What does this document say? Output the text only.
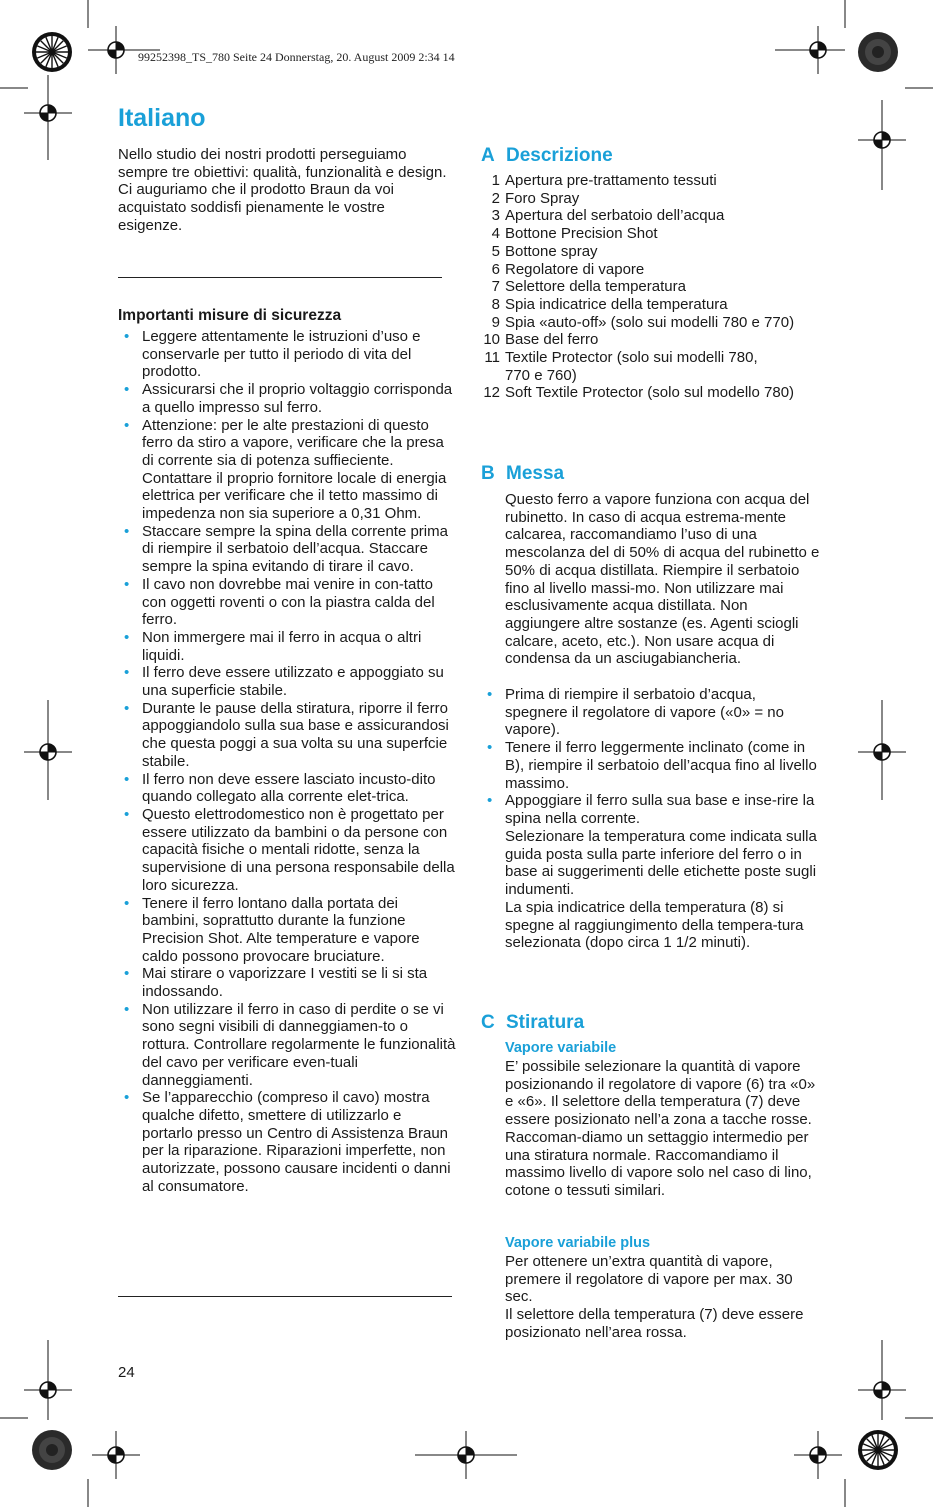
99252398_TS_780 Seite 24 Donnerstag, 20. August 2009 2:34 14
Italiano

Nello studio dei nostri prodotti perseguiamo sempre tre obiettivi: qualità, funzionalità e design. Ci auguriamo che il prodotto Braun da voi acquistato soddisfi pienamente le vostre esigenze.

Importanti misure di sicurezza
• Leggere attentamente le istruzioni d’uso e conservarle per tutto il periodo di vita del prodotto.
• Assicurarsi che il proprio voltaggio corrisponda a quello impresso sul ferro.
• Attenzione: per le alte prestazioni di questo ferro da stiro a vapore, verificare che la presa di corrente sia di potenza suffieciente. Contattare il proprio fornitore locale di energia elettrica per verificare che il tetto massimo di impedenza non sia superiore a 0,31 Ohm.
• Staccare sempre la spina della corrente prima di riempire il serbatoio dell’acqua. Staccare sempre la spina evitando di tirare il cavo.
• Il cavo non dovrebbe mai venire in con-tatto con oggetti roventi o con la piastra calda del ferro.
• Non immergere mai il ferro in acqua o altri liquidi.
• Il ferro deve essere utilizzato e appoggiato su una superficie stabile.
• Durante le pause della stiratura, riporre il ferro appoggiandolo sulla sua base e assicurandosi che questa poggi a sua volta su una superfcie stabile.
• Il ferro non deve essere lasciato incusto-dito quando collegato alla corrente elet-trica.
• Questo elettrodomestico non è progettato per essere utilizzato da bambini o da persone con capacità fisiche o mentali ridotte, senza la supervisione di una persona responsabile della loro sicurezza.
• Tenere il ferro lontano dalla portata dei bambini, soprattutto durante la funzione Precision Shot. Alte temperature e vapore caldo possono provocare bruciature.
• Mai stirare o vaporizzare I vestiti se li si sta indossando.
• Non utilizzare il ferro in caso di perdite o se vi sono segni visibili di danneggiamen-to o rottura. Controllare regolarmente le funzionalità del cavo per verificare even-tuali danneggiamenti.
• Se l’apparecchio (compreso il cavo) mostra qualche difetto, smettere di utilizzarlo e portarlo presso un Centro di Assistenza Braun per la riparazione. Riparazioni imperfette, non autorizzate, possono causare incidenti o danni al consumatore.
A Descrizione
1 Apertura pre-trattamento tessuti
2 Foro Spray
3 Apertura del serbatoio dell’acqua
4 Bottone Precision Shot
5 Bottone spray
6 Regolatore di vapore
7 Selettore della temperatura
8 Spia indicatrice della temperatura
9 Spia «auto-off» (solo sui modelli 780 e 770)
10 Base del ferro
11 Textile Protector (solo sui modelli 780, 770 e 760)
12 Soft Textile Protector (solo sul modello 780)
B Messa

Questo ferro a vapore funziona con acqua del rubinetto. In caso di acqua estrema-mente calcarea, raccomandiamo l’uso di una mescolanza del di 50% di acqua del rubinetto e 50% di acqua distillata. Riempire il serbatoio fino al livello massi-mo. Non utilizzare mai esclusivamente acqua distillata. Non aggiungere altre sostanze (es. Agenti sciogli calcare, aceto, etc.). Non usare acqua di condensa da un asciugabiancheria.

• Prima di riempire il serbatoio d’acqua, spegnere il regolatore di vapore («0» = no vapore).
• Tenere il ferro leggermente inclinato (come in B), riempire il serbatoio dell’acqua fino al livello massimo.
• Appoggiare il ferro sulla sua base e inse-rire la spina nella corrente.

Selezionare la temperatura come indicata sulla guida posta sulla parte inferiore del ferro o in base ai suggerimenti delle etichette poste sugli indumenti.

La spia indicatrice della temperatura (8) si spegne al raggiungimento della tempera-tura selezionata (dopo circa 1 1/2 minuti).

C Stiratura
Vapore variabile

E’ possibile selezionare la quantità di vapore posizionando il regolatore di vapore (6) tra «0» e «6». Il selettore della temperatura (7) deve essere posizionato nell’a zona a tacche rosse. Raccoman-diamo un settaggio intermedio per una stiratura normale. Raccomandiamo il massimo livello di vapore solo nel caso di lino, cotone o tessuti similari.

Vapore variabile plus

Per ottenere un’extra quantità di vapore, premere il regolatore di vapore per max. 30 sec.

Il selettore della temperatura (7) deve essere posizionato nell’area rossa.

24
